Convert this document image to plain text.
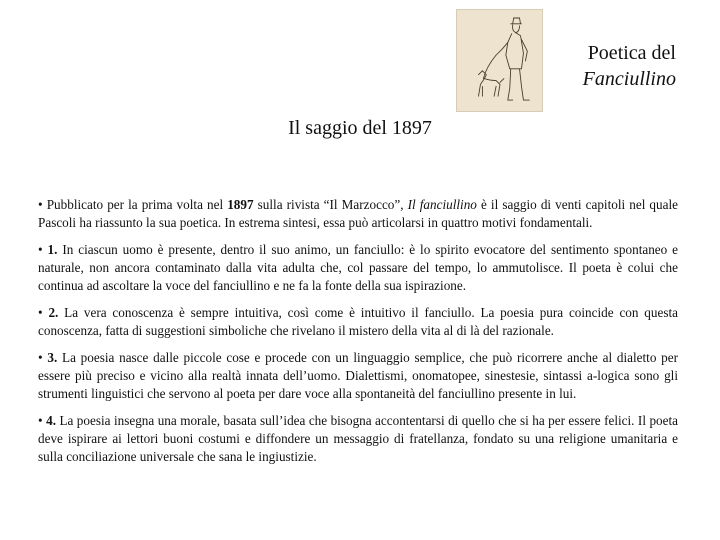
Poetica del
Fanciullino
Il saggio del 1897

• Pubblicato per la prima volta nel 1897 sulla rivista “Il Marzocco”, Il fanciullino è il saggio di venti capitoli nel quale Pascoli ha riassunto la sua poetica. In estrema sintesi, essa può articolarsi in quattro motivi fondamentali.

• 1. In ciascun uomo è presente, dentro il suo animo, un fanciullo: è lo spirito evocatore del sentimento spontaneo e naturale, non ancora contaminato dalla vita adulta che, col passare del tempo, lo ammutolisce. Il poeta è colui che continua ad ascoltare la voce del fanciullino e ne fa la fonte della sua ispirazione.

• 2. La vera conoscenza è sempre intuitiva, così come è intuitivo il fanciullo. La poesia pura coincide con questa conoscenza, fatta di suggestioni simboliche che rivelano il mistero della vita al di là del razionale.

• 3. La poesia nasce dalle piccole cose e procede con un linguaggio semplice, che può ricorrere anche al dialetto per essere più preciso e vicino alla realtà innata dell’uomo. Dialettismi, onomatopee, sinestesie, sintassi a-logica sono gli strumenti linguistici che servono al poeta per dare voce alla spontaneità del fanciullino presente in lui.

• 4. La poesia insegna una morale, basata sull’idea che bisogna accontentarsi di quello che si ha per essere felici. Il poeta deve ispirare ai lettori buoni costumi e diffondere un messaggio di fratellanza, fondato su una religione umanitaria e sulla conciliazione universale che sana le ingiustizie.
